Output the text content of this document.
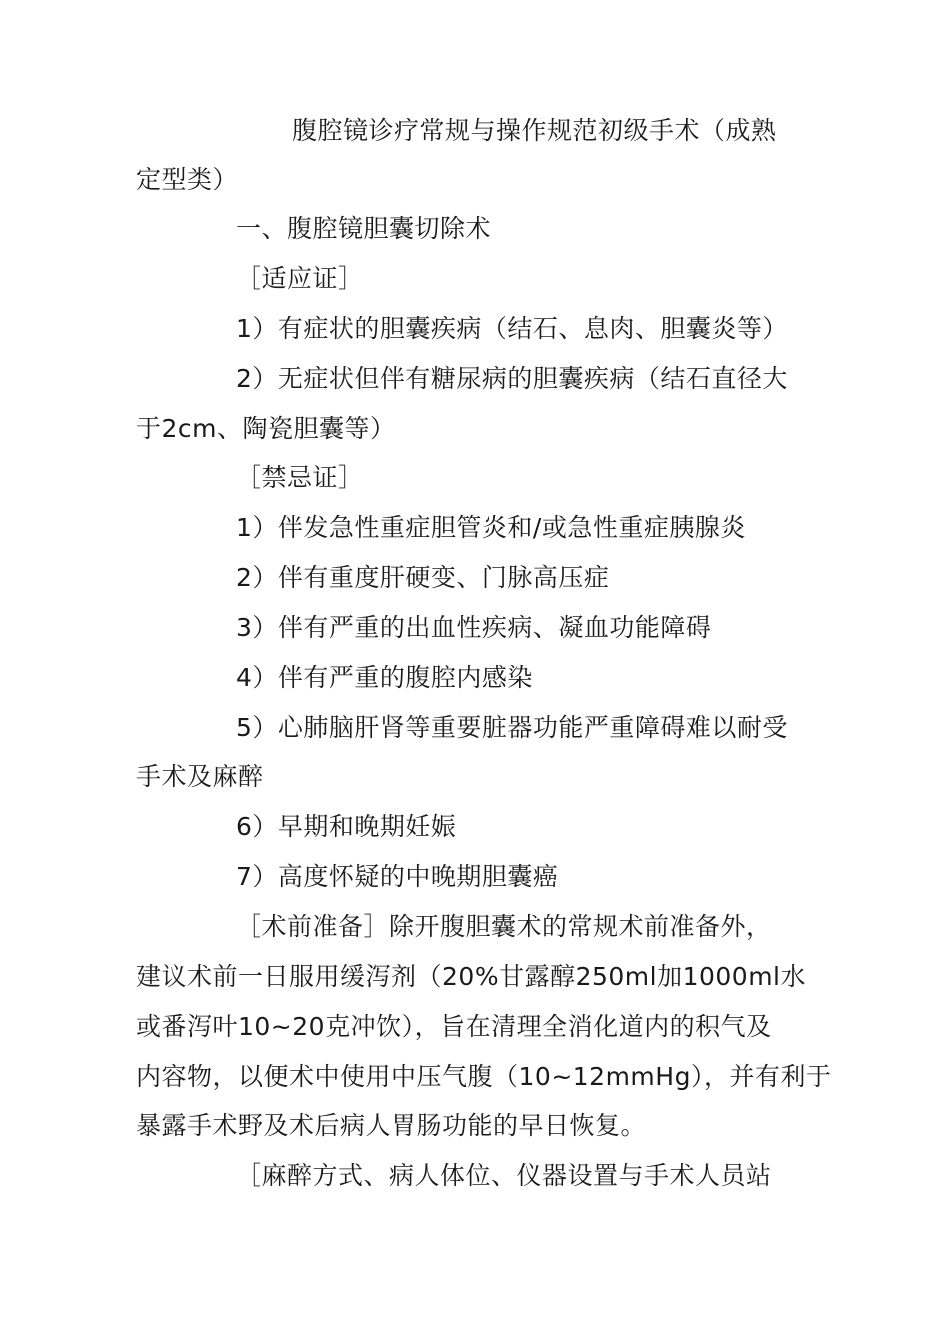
腹腔镜诊疗常规与操作规范初级手术（成熟
定型类）
一、腹腔镜胆囊切除术
［适应证］
1）有症状的胆囊疾病（结石、息肉、胆囊炎等）
2）无症状但伴有糖尿病的胆囊疾病（结石直径大
于2cm、陶瓷胆囊等）
［禁忌证］
1）伴发急性重症胆管炎和/或急性重症胰腺炎
2）伴有重度肝硬变、门脉高压症
3）伴有严重的出血性疾病、凝血功能障碍
4）伴有严重的腹腔内感染
5）心肺脑肝肾等重要脏器功能严重障碍难以耐受
手术及麻醉
6）早期和晚期妊娠
7）高度怀疑的中晚期胆囊癌
［术前准备］除开腹胆囊术的常规术前准备外，
建议术前一日服用缓泻剂（20%甘露醇250ml加1000ml水
或番泻叶10~20克冲饮），旨在清理全消化道内的积气及
内容物，以便术中使用中压气腹（10~12mmHg），并有利于
暴露手术野及术后病人胃肠功能的早日恢复。
［麻醉方式、病人体位、仪器设置与手术人员站
